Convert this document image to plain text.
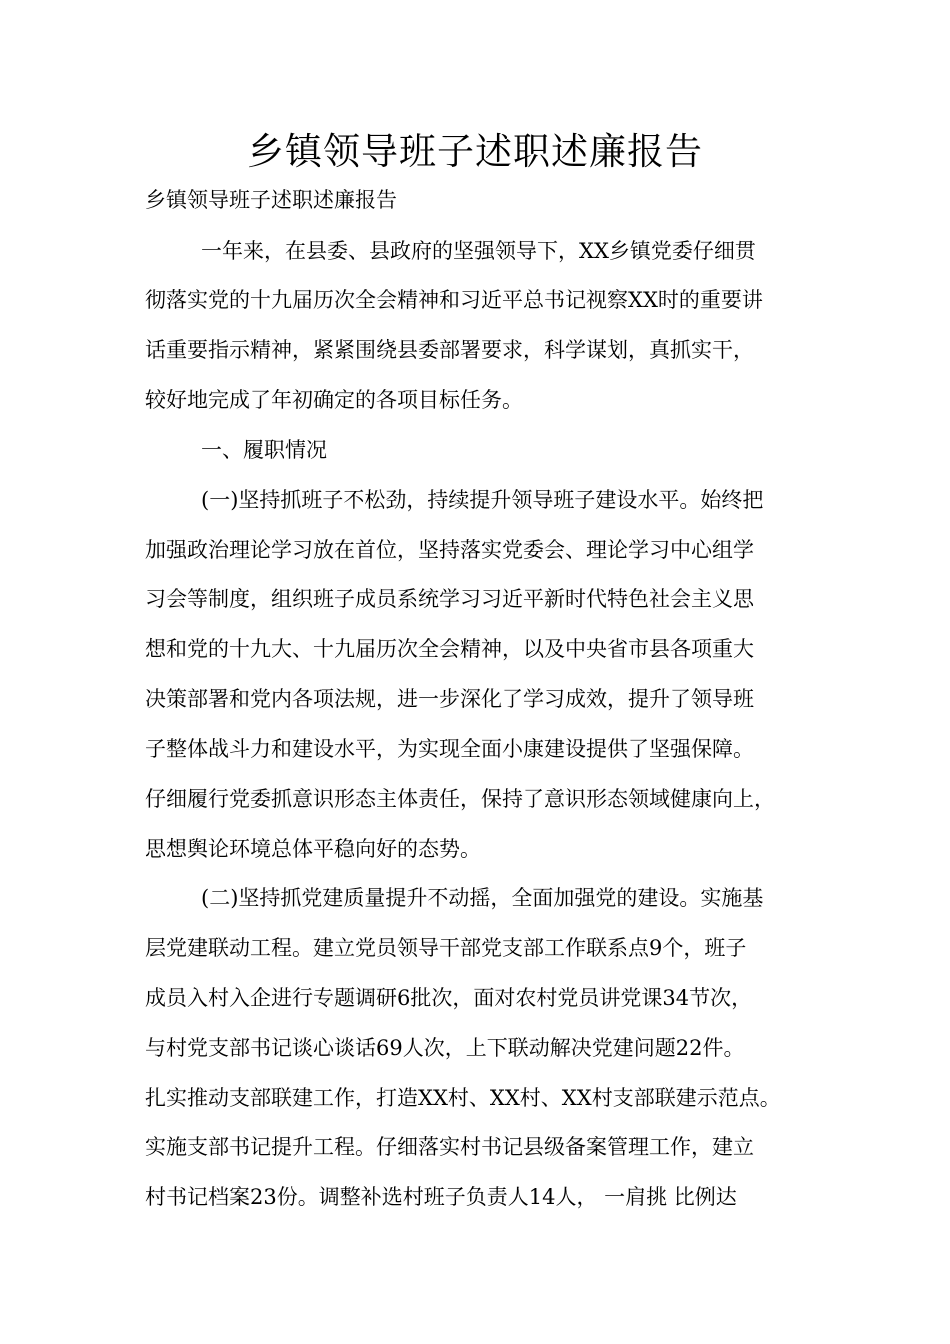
乡镇领导班子述职述廉报告
乡镇领导班子述职述廉报告
一年来，在县委、县政府的坚强领导下，XX乡镇党委仔细贯
彻落实党的十九届历次全会精神和习近平总书记视察XX时的重要讲
话重要指示精神，紧紧围绕县委部署要求，科学谋划，真抓实干，
较好地完成了年初确定的各项目标任务。
一、履职情况
(一)坚持抓班子不松劲，持续提升领导班子建设水平。始终把
加强政治理论学习放在首位，坚持落实党委会、理论学习中心组学
习会等制度，组织班子成员系统学习习近平新时代特色社会主义思
想和党的十九大、十九届历次全会精神，以及中央省市县各项重大
决策部署和党内各项法规，进一步深化了学习成效，提升了领导班
子整体战斗力和建设水平，为实现全面小康建设提供了坚强保障。
仔细履行党委抓意识形态主体责任，保持了意识形态领域健康向上，
思想舆论环境总体平稳向好的态势。
(二)坚持抓党建质量提升不动摇，全面加强党的建设。实施基
层党建联动工程。建立党员领导干部党支部工作联系点9个，班子
成员入村入企进行专题调研6批次，面对农村党员讲党课34节次，
与村党支部书记谈心谈话69人次，上下联动解决党建问题22件。
扎实推动支部联建工作，打造XX村、XX村、XX村支部联建示范点。
实施支部书记提升工程。仔细落实村书记县级备案管理工作，建立
村书记档案23份。调整补选村班子负责人14人， 一肩挑 比例达
